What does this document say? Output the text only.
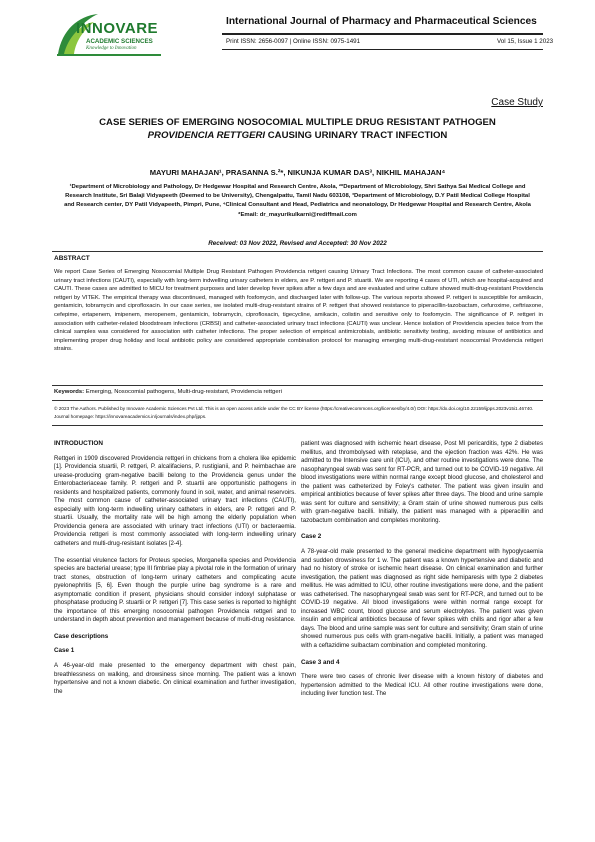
INNOVARE
ACADEMIC SCIENCES
Knowledge to Innovation
International Journal of Pharmacy and Pharmaceutical Sciences
Print ISSN: 2656-0097 | Online ISSN: 0975-1491	Vol 15, Issue 1 2023
Case Study
CASE SERIES OF EMERGING NOSOCOMIAL MULTIPLE DRUG RESISTANT PATHOGEN
PROVIDENCIA RETTGERI CAUSING URINARY TRACT INFECTION
MAYURI MAHAJAN¹, PRASANNA S.²*, NIKUNJA KUMAR DAS³, NIKHIL MAHAJAN⁴
¹Department of Microbiology and Pathology, Dr Hedgewar Hospital and Research Centre, Akola, ²*Department of Microbiology, Shri Sathya Sai Medical College and Research Institute, Sri Balaji Vidyapeeth (Deemed to be University), Chengalpattu, Tamil Nadu 603108, ³Department of Microbiology, D.Y Patil Medical College Hospital and Research center, DY Patil Vidyapeeth, Pimpri, Pune, ⁴Clinical Consultant and Head, Pediatrics and neonatology, Dr Hedgewar Hospital and Research Centre, Akola
*Email: dr_mayurikulkarni@rediffmail.com
Received: 03 Nov 2022, Revised and Accepted: 30 Nov 2022
ABSTRACT
We report Case Series of Emerging Nosocomial Multiple Drug Resistant Pathogen Providencia rettgeri causing Urinary Tract Infections. The most common cause of catheter-associated urinary tract infections (CAUTI), especially with long-term indwelling urinary catheters in elders, are P. rettgeri and P. stuartii. We are reporting 4 cases of UTI, which are hospital-acquired and CAUTI. These cases are admitted to MICU for treatment purposes and later develop fever spikes after a few days and are evaluated and urine culture showed multi-drug-resistant Providencia rettgeri by VITEK. The empirical therapy was discontinued, managed with fosfomycin, and discharged later with follow-up. The various reports showed P. rettgeri is susceptible for amikacin, gentamicin, tobramycin and ciprofloxacin. In our case series, we isolated multi-drug-resistant strains of P. rettgeri that showed resistance to piperacillin-tazobactam, cefuroxime, ceftriaxone, cefepime, ertapenem, imipenem, meropenem, gentamicin, tobramycin, ciprofloxacin, tigecycline, amikacin, colistin and sensitive only to fosfomycin. The significance of P. rettgeri in association with catheter-related bloodstream infections (CRBSI) and catheter-associated urinary tract infections (CAUTI) was unclear. Hence isolation of Providencia species twice from the clinical samples was considered for association with catheter infections. The proper selection of empirical antimicrobials, antibiotic sensitivity testing, avoiding misuse of antibiotics and implementing proper drug holiday and local antibiotic policy are considered appropriate combination protocol for managing emerging multi-drug-resistant nosocomial Providencia rettgeri strains.
Keywords: Emerging, Nosocomial pathogens, Multi-drug-resistant, Providencia rettgeri
© 2023 The Authors. Published by Innovare Academic Sciences Pvt Ltd. This is an open access article under the CC BY license (https://creativecommons.org/licenses/by/4.0/) DOI: https://dx.doi.org/10.22159/ijpps.2023v15i1.46740. Journal homepage: https://innovareacademics.in/journals/index.php/ijpps.
INTRODUCTION

Rettgeri in 1909 discovered Providencia rettgeri in chickens from a cholera like epidemic [1]. Providencia stuartii, P. rettgeri, P. alcalifaciens, P. rustigianii, and P. heimbachae are urease-producing gram-negative bacilli belong to the Providencia genus under the Enterobacteriaceae family. P. rettgeri and P. stuartii are opportunistic pathogens in residents and hospitalized patients, commonly found in soil, water, and animal reservoirs. The most common cause of catheter-associated urinary tract infections (CAUTI), especially with long-term indwelling urinary catheters in elders, are P. rettgeri and P. stuartii. Usually, the mortality rate will be high among the elderly population when Providencia genera are associated with urinary tract infections (UTI) or bacteraemia. Providencia rettgeri is most commonly associated with long-term indwelling urinary catheters and multi-drug-resistant isolates [2-4].

The essential virulence factors for Proteus species, Morganella species and Providencia species are bacterial urease; type III fimbriae play a pivotal role in the formation of urinary tract stones, obstruction of long-term urinary catheters and complicating acute pyelonephritis [5, 6]. Even though the purple urine bag syndrome is a rare and asymptomatic condition if present, physicians should consider indoxyl sulphatase or phosphatase producing P. stuartii or P. rettgeri [7]. This case series is reported to highlight the importance of this emerging nosocomial pathogen Providencia rettgeri and to understand in depth about prevention and management because of multi-drug resistance.

Case descriptions
Case 1

A 46-year-old male presented to the emergency department with chest pain, breathlessness on walking, and drowsiness since morning. The patient was a known hypertensive and not a known diabetic. On clinical examination and further investigation, the

patient was diagnosed with ischemic heart disease, Post MI pericarditis, type 2 diabetes mellitus, and thrombolysed with reteplase, and the ejection fraction was 42%. He was admitted to the Intensive care unit (ICU), and other routine investigations were done. The nasopharyngeal swab was sent for RT-PCR, and turned out to be COVID-19 negative. All blood investigations were within normal range except blood glucose, and cholesterol and the patient was catheterized by Foley's catheter. The patient was given insulin and empirical antibiotics because of fever spikes after three days. The blood and urine sample was sent for culture and sensitivity; a Gram stain of urine showed numerous pus cells with gram-negative bacilli. Initially, the patient was managed with a piperacillin and tazobactum combination and completes monitoring.

Case 2

A 78-year-old male presented to the general medicine department with hypoglycaemia and sudden drowsiness for 1 w. The patient was a known hypertensive and diabetic and had no history of stroke or ischemic heart disease. On clinical examination and further investigation, the patient was diagnosed as right side hemiparesis with type 2 diabetes mellitus. He was admitted to ICU, other routine investigations were done, and the patient was catheterised. The nasopharyngeal swab was sent for RT-PCR, and turned out to be COVID-19 negative. All blood investigations were within normal range except for increased WBC count, blood glucose and serum electrolytes. The patient was given insulin and empirical antibiotics because of fever spikes with chills and rigor after a few days. The blood and urine sample was sent for culture and sensitivity; Gram stain of urine showed numerous pus cells with gram-negative bacilli. Initially, a patient was managed with a ceftazidime sulbactam combination and completed monitoring.

Case 3 and 4

There were two cases of chronic liver disease with a known history of diabetes and hypertension admitted to the Medical ICU. All other routine investigations were done, including liver function test. The
